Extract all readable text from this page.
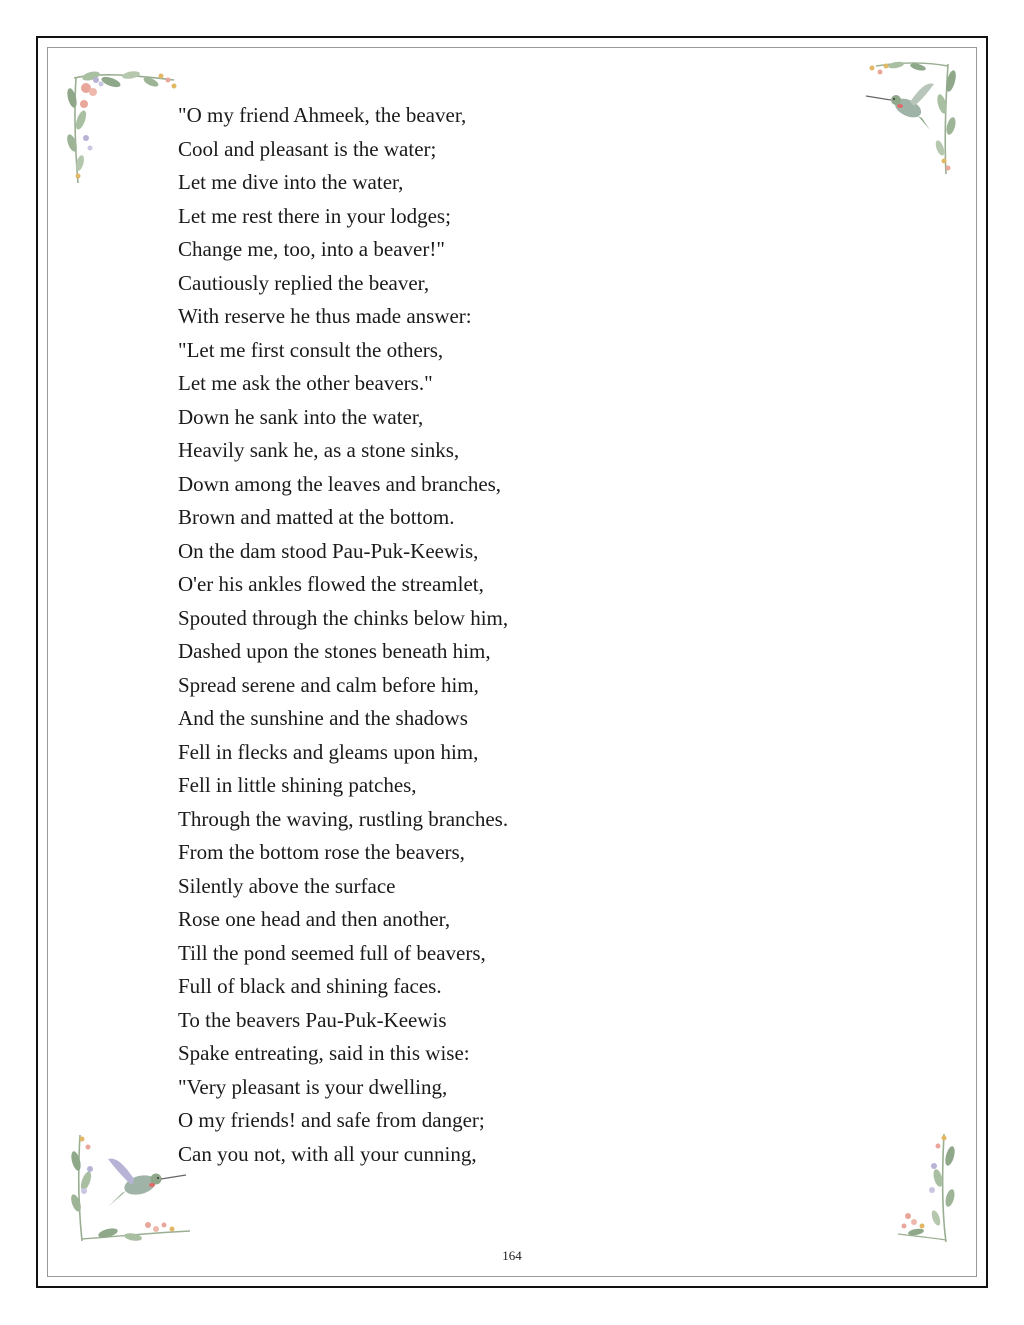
"O my friend Ahmeek, the beaver,
Cool and pleasant is the water;
Let me dive into the water,
Let me rest there in your lodges;
Change me, too, into a beaver!"
Cautiously replied the beaver,
With reserve he thus made answer:
"Let me first consult the others,
Let me ask the other beavers."
Down he sank into the water,
Heavily sank he, as a stone sinks,
Down among the leaves and branches,
Brown and matted at the bottom.
On the dam stood Pau-Puk-Keewis,
O'er his ankles flowed the streamlet,
Spouted through the chinks below him,
Dashed upon the stones beneath him,
Spread serene and calm before him,
And the sunshine and the shadows
Fell in flecks and gleams upon him,
Fell in little shining patches,
Through the waving, rustling branches.
From the bottom rose the beavers,
Silently above the surface
Rose one head and then another,
Till the pond seemed full of beavers,
Full of black and shining faces.
To the beavers Pau-Puk-Keewis
Spake entreating, said in this wise:
"Very pleasant is your dwelling,
O my friends! and safe from danger;
Can you not, with all your cunning,
164
